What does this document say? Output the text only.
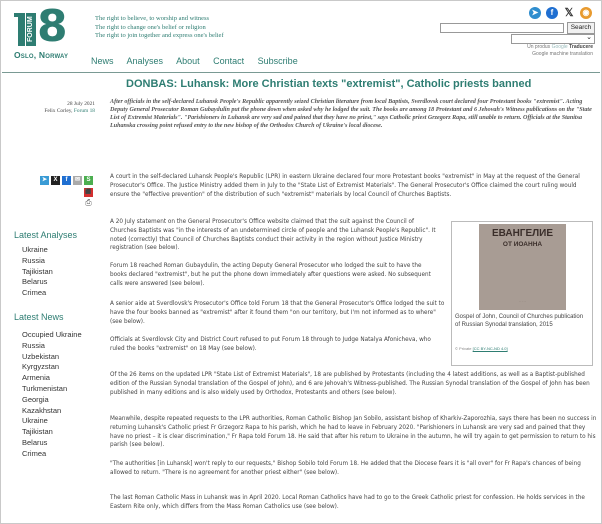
FORUM 8
Oslo, Norway
The right to believe, to worship and witness
The right to change one's belief or religion
The right to join together and express one's belief
News Analyses About Contact Subscribe
➤	f	𝕏	◉
Search
⌄
Un produs Google Traducere
Google machine translation
DONBAS: Luhansk: More Christian texts "extremist", Catholic priests banned
28 July 2021
Felix Corley, Forum 18
After officials in the self-declared Luhansk People's Republic apparently seized Christian literature from local Baptists, Sverdlovsk court declared four Protestant books "extremist". Acting Deputy General Prosecutor Roman Gubaydulin put the phone down when asked why he lodged the suit. The books are among 18 Protestant and 6 Jehovah's Witness publications on the "State List of Extremist Materials". "Parishioners in Luhansk are very sad and pained that they have no priest," says Catholic priest Grzegorz Rapa, still unable to return. Officials at the Stanitsa Luhanska crossing point refused entry to the new bishop of the Orthodox Church of Ukraine's local diocese.
➤	X	f	✉	S
⬛
⎙
Latest Analyses
Ukraine
Russia
Tajikistan
Belarus
Crimea
Latest News
Occupied Ukraine
Russia
Uzbekistan
Kyrgyzstan
Armenia
Turkmenistan
Georgia
Kazakhstan
Ukraine
Tajikistan
Belarus
Crimea
A court in the self-declared Luhansk People's Republic (LPR) in eastern Ukraine declared four more Protestant books "extremist" in May at the request of the General Prosecutor's Office. The Justice Ministry added them in July to the "State List of Extremist Materials". The General Prosecutor's Office claimed the court ruling would ensure the "effective prevention" of the distribution of such "extremist" materials by local Council of Churches Baptists.
A 20 July statement on the General Prosecutor's Office website claimed that the suit against the Council of Churches Baptists was "in the interests of an undetermined circle of people and the Luhansk People's Republic". It noted (correctly) that Council of Churches Baptists conduct their activity in the region without Justice Ministry registration (see below).
Forum 18 reached Roman Gubaydulin, the acting Deputy General Prosecutor who lodged the suit to have the books declared "extremist", but he put the phone down immediately after questions were asked. No subsequent calls were answered (see below).
A senior aide at Sverdlovsk's Prosecutor's Office told Forum 18 that the General Prosecutor's Office lodged the suit to have the four books banned as "extremist" after it found them "on our territory, but I'm not informed as to where" (see below).
Officials at Sverdlovsk City and District Court refused to put Forum 18 through to Judge Natalya Afonicheva, who ruled the books "extremist" on 18 May (see below).
Of the 26 items on the updated LPR "State List of Extremist Materials", 18 are published by Protestants (including the 4 latest additions, as well as a Baptist-published edition of the Russian Synodal translation of the Gospel of John), and 6 are Jehovah's Witness-published. The Russian Synodal translation of the Gospel of John has been published in many editions and is also widely used by Orthodox, Protestants and others (see below).
Meanwhile, despite repeated requests to the LPR authorities, Roman Catholic Bishop Jan Sobilo, assistant bishop of Kharkiv-Zaporozhia, says there has been no success in returning Luhansk's Catholic priest Fr Grzegorz Rapa to his parish, which he had to leave in February 2020. "Parishioners in Luhansk are very sad and pained that they have no priest – it is clear discrimination," Fr Rapa told Forum 18. He said that after his return to Ukraine in the autumn, he will try again to get permission to return to his parish (see below).
"The authorities [in Luhansk] won't reply to our requests," Bishop Sobilo told Forum 18. He added that the Diocese fears it is "all over" for Fr Rapa's chances of being allowed to return. "There is no agreement for another priest either" (see below).
The last Roman Catholic Mass in Luhansk was in April 2020. Local Roman Catholics have had to go to the Greek Catholic priest for confession. He holds services in the Eastern Rite only, which differs from the Mass Roman Catholics use (see below).
ЕВАНГЕЛИЕ
ОТ ИОАННА
· · · · ·
Gospel of John, Council of Churches publication of Russian Synodal translation, 2015
© Private [CC BY-NC-ND 4.0]
